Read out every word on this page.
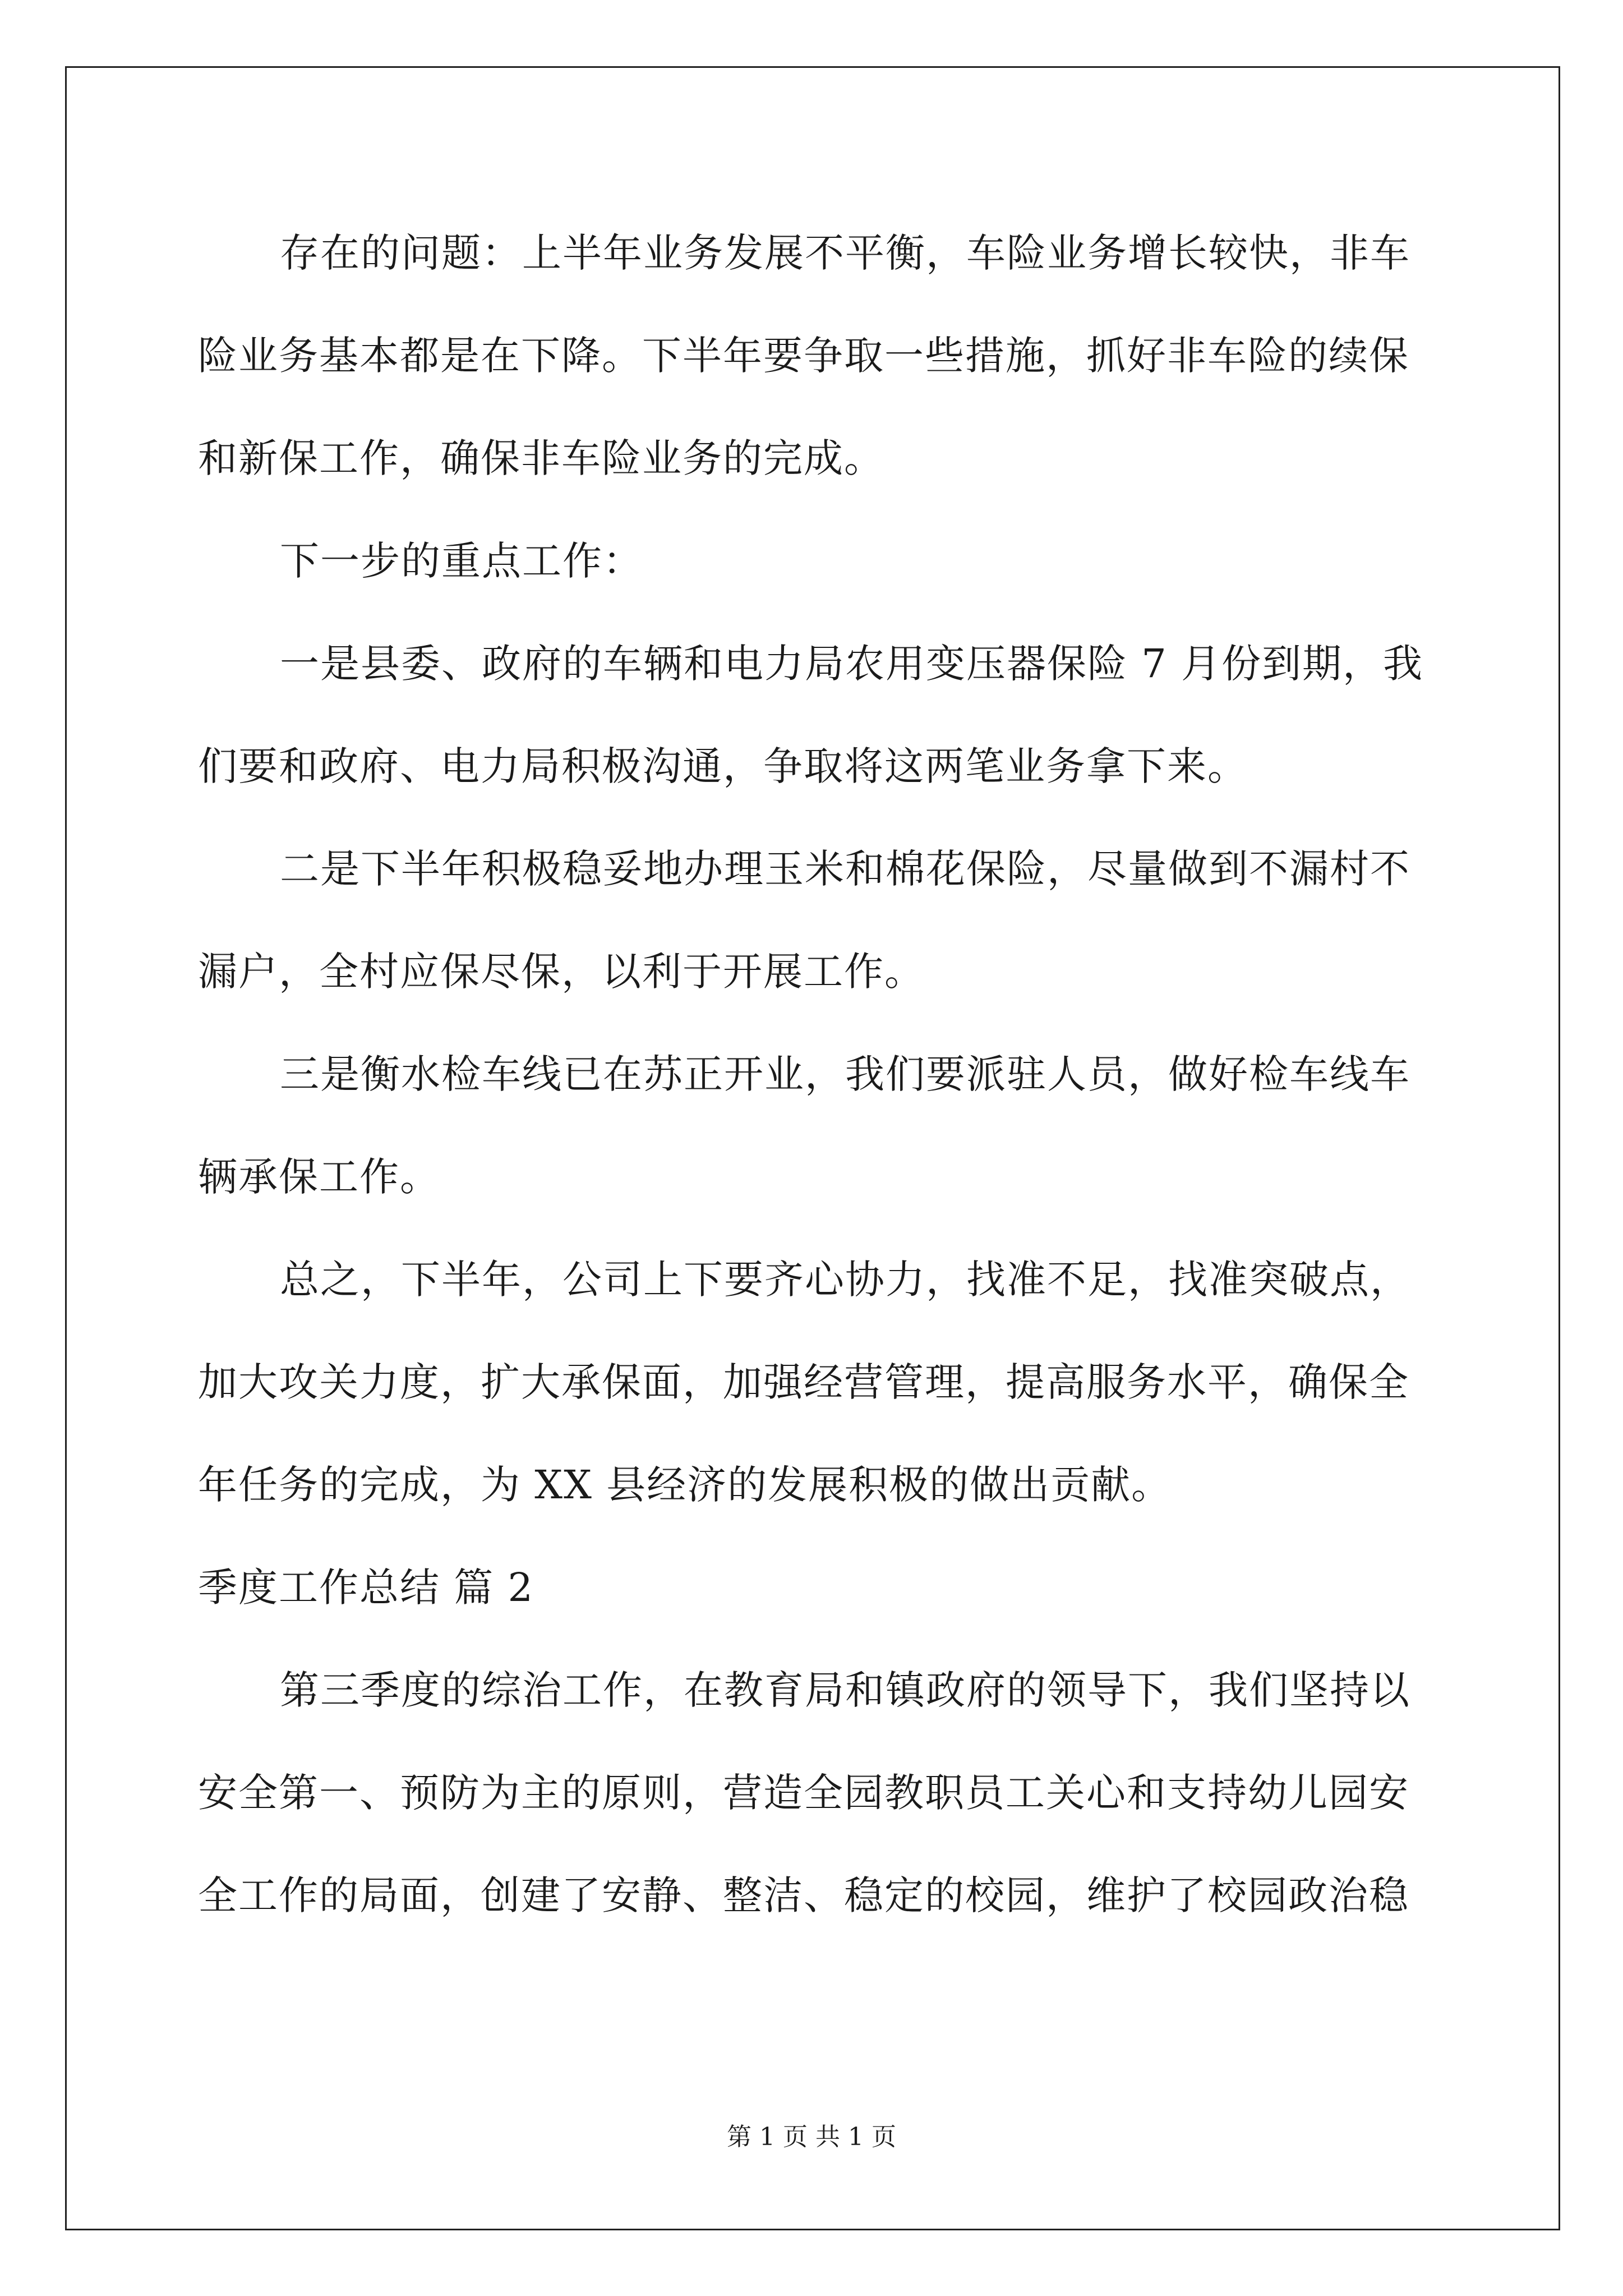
存在的问题：上半年业务发展不平衡，车险业务增长较快，非车
险业务基本都是在下降。下半年要争取一些措施，抓好非车险的续保
和新保工作，确保非车险业务的完成。
下一步的重点工作：
一是县委、政府的车辆和电力局农用变压器保险 7 月份到期，我
们要和政府、电力局积极沟通，争取将这两笔业务拿下来。
二是下半年积极稳妥地办理玉米和棉花保险，尽量做到不漏村不
漏户，全村应保尽保，以利于开展工作。
三是衡水检车线已在苏正开业，我们要派驻人员，做好检车线车
辆承保工作。
总之，下半年，公司上下要齐心协力，找准不足，找准突破点，
加大攻关力度，扩大承保面，加强经营管理，提高服务水平，确保全
年任务的完成，为 XX 县经济的发展积极的做出贡献。
季度工作总结 篇 2
第三季度的综治工作，在教育局和镇政府的领导下，我们坚持以
安全第一、预防为主的原则，营造全园教职员工关心和支持幼儿园安
全工作的局面，创建了安静、整洁、稳定的校园，维护了校园政治稳
第 1 页 共 1 页
